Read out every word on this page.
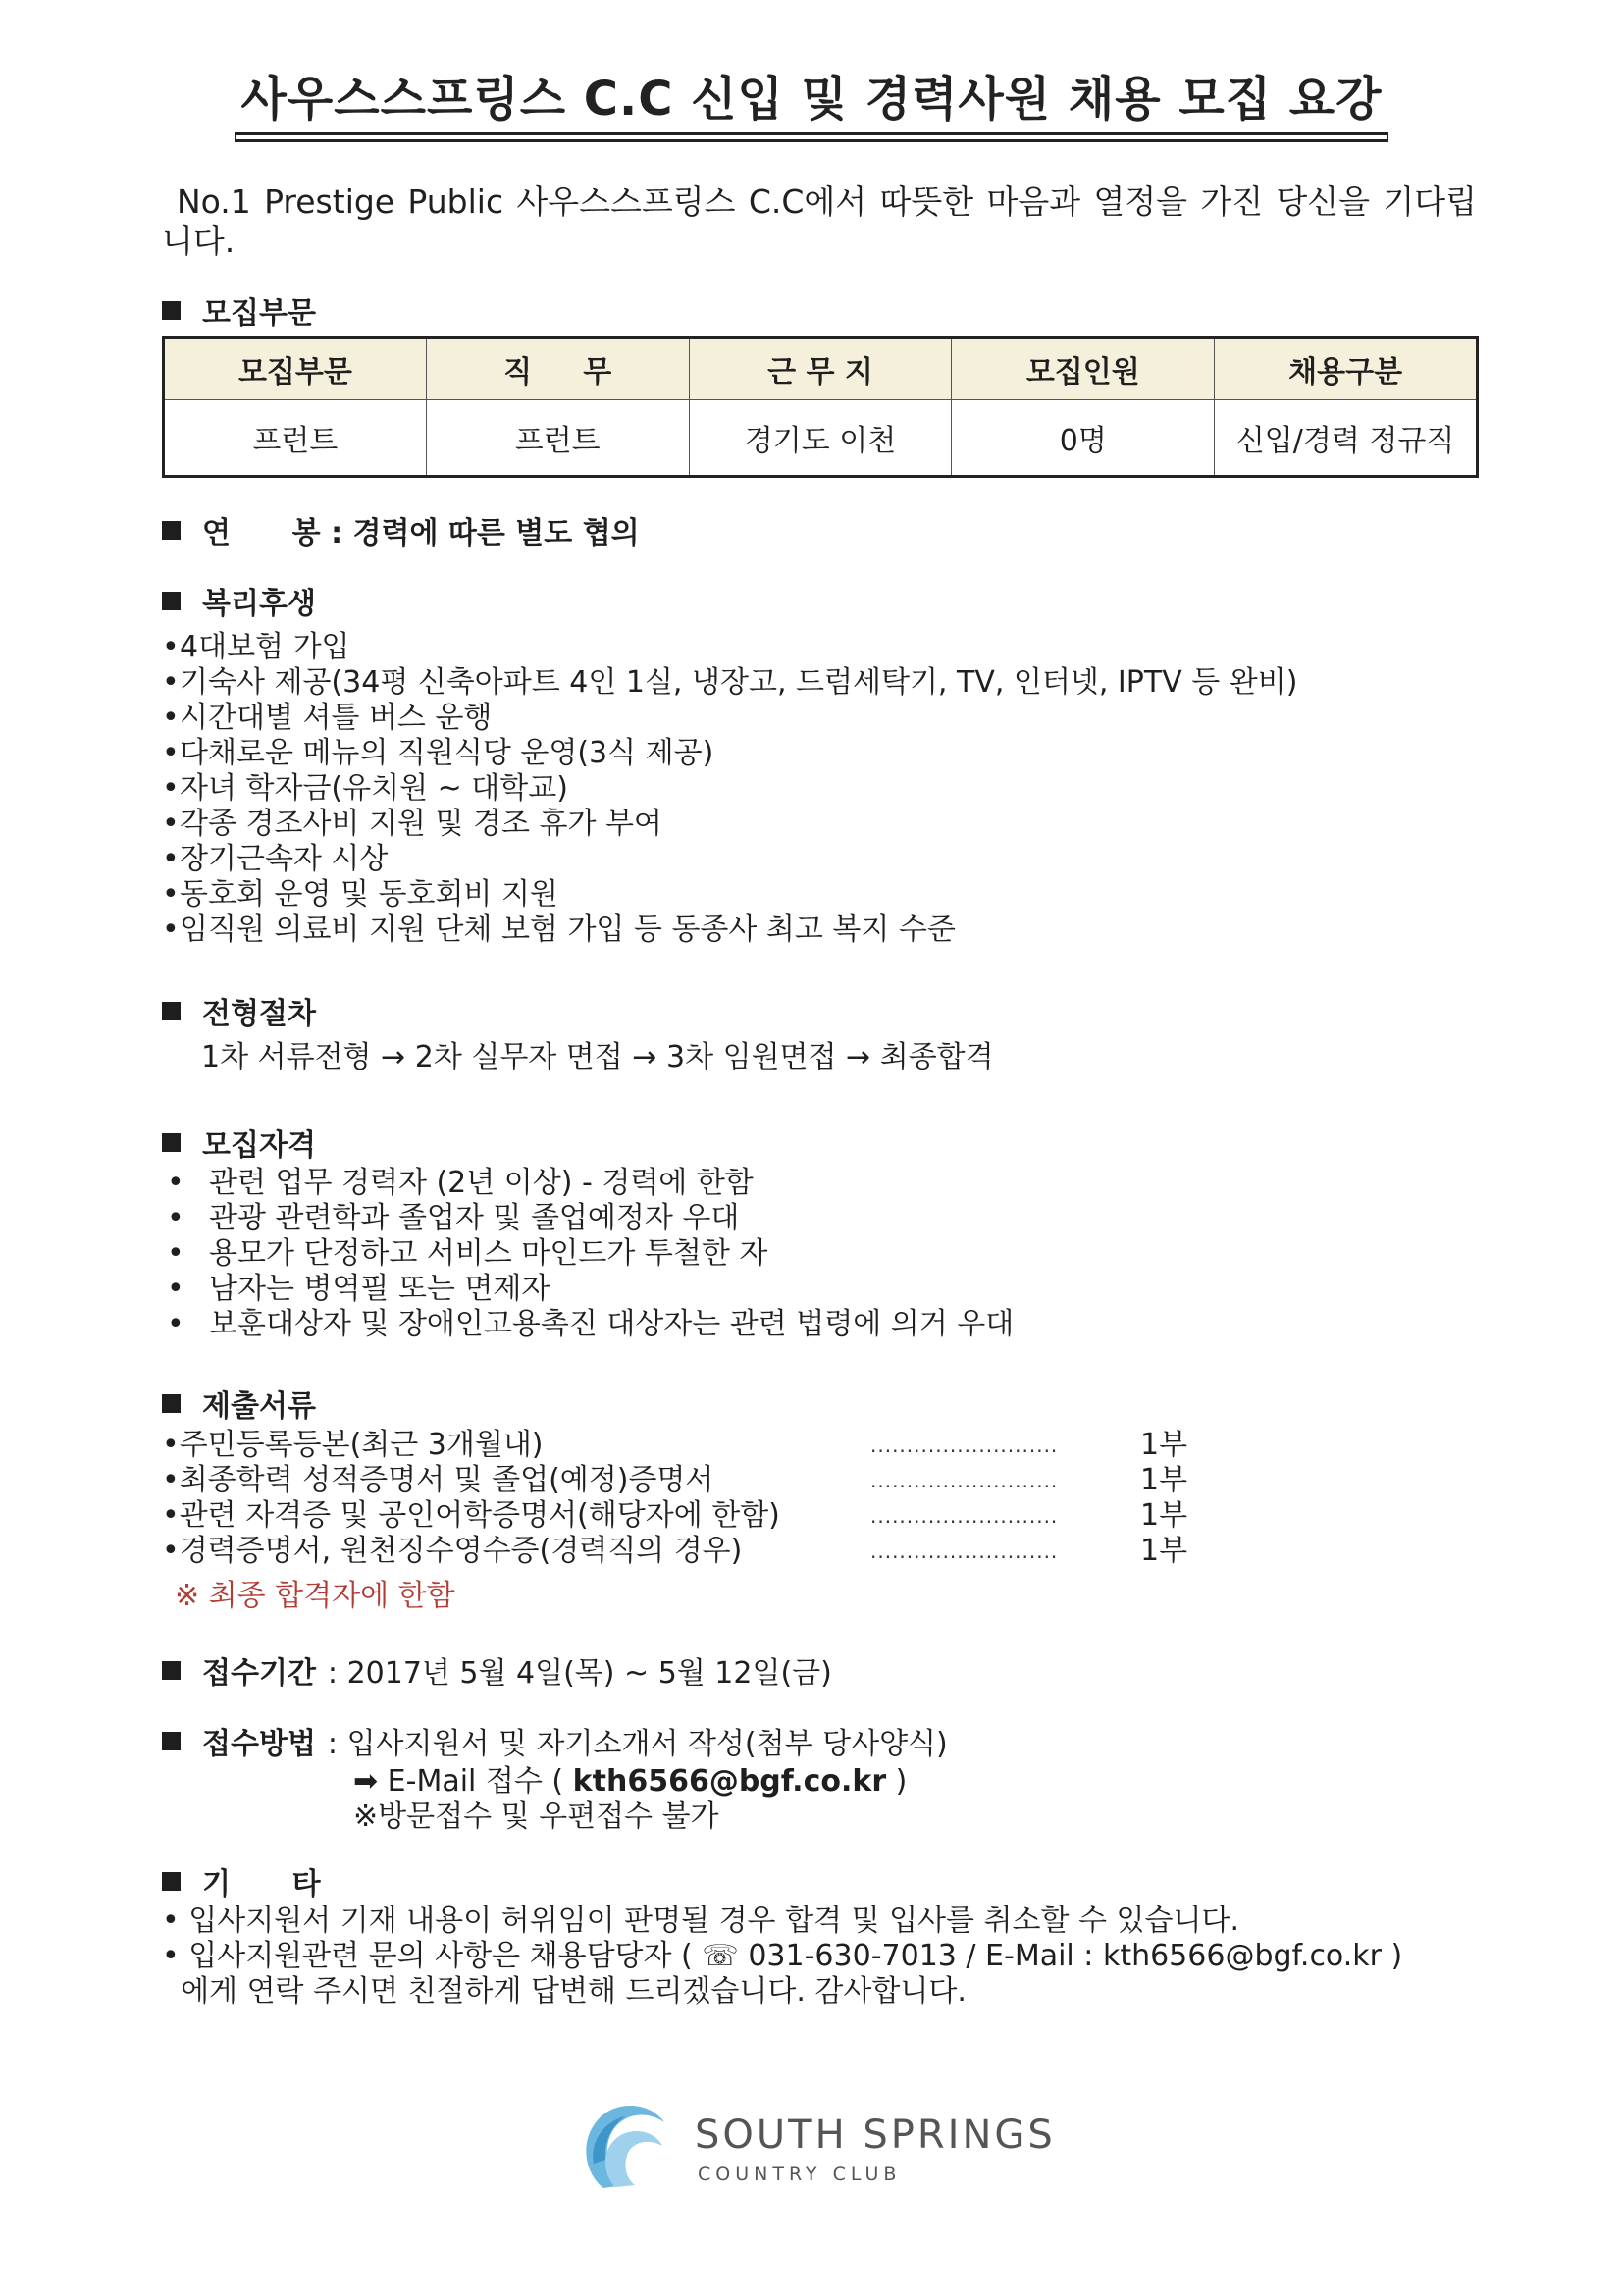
사우스스프링스 C.C 신입 및 경력사원 채용 모집 요강
No.1 Prestige Public 사우스스프링스 C.C에서 따뜻한 마음과 열정을 가진 당신을 기다립니다.
모집부문
모집부문	직     무	근 무 지	모집인원	채용구분
프런트	프런트	경기도 이천	0명	신입/경력 정규직
연      봉 : 경력에 따른 별도 협의
복리후생
•4대보험 가입
•기숙사 제공(34평 신축아파트 4인 1실, 냉장고, 드럼세탁기, TV, 인터넷, IPTV 등 완비)
•시간대별 셔틀 버스 운행
•다채로운 메뉴의 직원식당 운영(3식 제공)
•자녀 학자금(유치원 ~ 대학교)
•각종 경조사비 지원 및 경조 휴가 부여
•장기근속자 시상
•동호회 운영 및 동호회비 지원
•임직원 의료비 지원 단체 보험 가입 등 동종사 최고 복지 수준
전형절차
1차 서류전형 → 2차 실무자 면접 → 3차 임원면접 → 최종합격
모집자격
• 관련 업무 경력자 (2년 이상) - 경력에 한함
• 관광 관련학과 졸업자 및 졸업예정자 우대
• 용모가 단정하고 서비스 마인드가 투철한 자
• 남자는 병역필 또는 면제자
• 보훈대상자 및 장애인고용촉진 대상자는 관련 법령에 의거 우대
제출서류
•주민등록등본(최근 3개월내)	..........................	1부
•최종학력 성적증명서 및 졸업(예정)증명서	..........................	1부
•관련 자격증 및 공인어학증명서(해당자에 한함)	..........................	1부
•경력증명서, 원천징수영수증(경력직의 경우)	..........................	1부
※ 최종 합격자에 한함
접수기간 : 2017년 5월 4일(목) ~ 5월 12일(금)
접수방법 : 입사지원서 및 자기소개서 작성(첨부 당사양식)
➡ E-Mail 접수 ( kth6566@bgf.co.kr )
※방문접수 및 우편접수 불가
기      타
• 입사지원서 기재 내용이 허위임이 판명될 경우 합격 및 입사를 취소할 수 있습니다.
• 입사지원관련 문의 사항은 채용담당자 ( ☏ 031-630-7013 / E-Mail : kth6566@bgf.co.kr )
에게 연락 주시면 친절하게 답변해 드리겠습니다. 감사합니다.
SOUTH SPRINGS
COUNTRY CLUB
